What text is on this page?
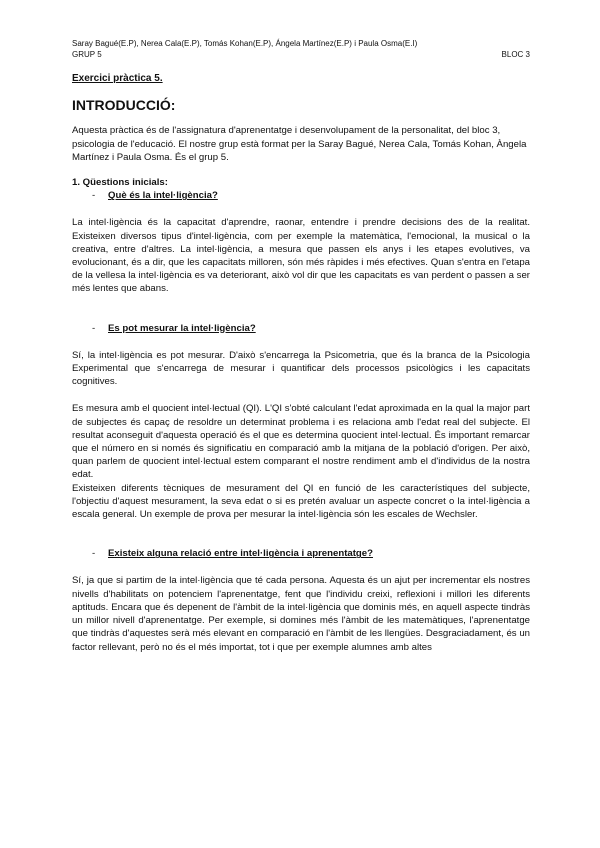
Saray Bagué(E.P), Nerea Cala(E.P), Tomás Kohan(E.P), Ángela Martínez(E.P) i Paula Osma(E.I)
GRUP 5	BLOC 3

Exercici pràctica 5.

INTRODUCCIÓ:

Aquesta pràctica és de l'assignatura d'aprenentatge i desenvolupament de la personalitat, del bloc 3, psicologia de l'educació. El nostre grup està format per la Saray Bagué, Nerea Cala, Tomás Kohan, Àngela Martínez i Paula Osma. És el grup 5.

1. Qüestions inicials:

-	Què és la intel·ligència?

La intel·ligència és la capacitat d'aprendre, raonar, entendre i prendre decisions des de la realitat. Existeixen diversos tipus d'intel·ligència, com per exemple la matemàtica, l'emocional, la musical o la creativa, entre d'altres. La intel·ligència, a mesura que passen els anys i les etapes evolutives, va evolucionant, és a dir, que les capacitats milloren, són més ràpides i més efectives. Quan s'entra en l'etapa de la vellesa la intel·ligència es va deteriorant, això vol dir que les capacitats es van perdent o passen a ser més lentes que abans.

-	Es pot mesurar la intel·ligència?

Sí, la intel·ligència es pot mesurar. D'això s'encarrega la Psicometria, que és la branca de la Psicologia Experimental que s'encarrega de mesurar i quantificar dels processos psicològics i les capacitats cognitives.

Es mesura amb el quocient intel·lectual (QI). L'QI s'obté calculant l'edat aproximada en la qual la major part de subjectes és capaç de resoldre un determinat problema i es relaciona amb l'edat real del subjecte. El resultat aconseguit d'aquesta operació és el que es determina quocient intel·lectual. És important remarcar que el número en si només és significatiu en comparació amb la mitjana de la població d'origen. Per això, quan parlem de quocient intel·lectual estem comparant el nostre rendiment amb el d'individus de la nostra edat.

Existeixen diferents tècniques de mesurament del QI en funció de les característiques del subjecte, l'objectiu d'aquest mesurament, la seva edat o si es pretén avaluar un aspecte concret o la intel·ligència a escala general. Un exemple de prova per mesurar la intel·ligència són les escales de Wechsler.

-	Existeix alguna relació entre intel·ligència i aprenentatge?

Sí, ja que si partim de la intel·ligència que té cada persona. Aquesta és un ajut per incrementar els nostres nivells d'habilitats on potenciem l'aprenentatge, fent que l'individu creixi, reflexioni i millori les diferents aptituds. Encara que és depenent de l'àmbit de la intel·ligència que dominis més, en aquell aspecte tindràs un millor nivell d'aprenentatge. Per exemple, si domines més l'àmbit de les matemàtiques, l'aprenentatge que tindràs d'aquestes serà més elevant en comparació en l'àmbit de les llengües. Desgraciadament, és un factor rellevant, però no és el més importat, tot i que per exemple alumnes amb altes
